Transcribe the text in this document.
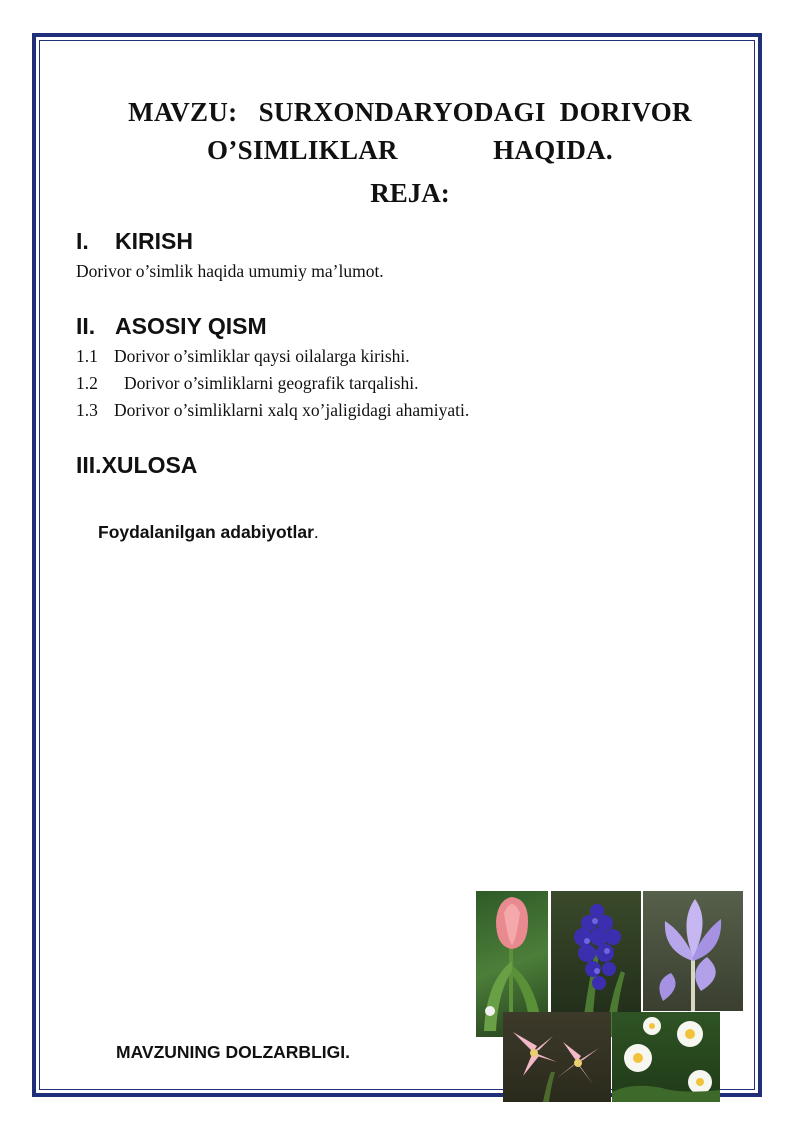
MAVZU:   SURXONDARYODAGI  DORIVOR
O’SIMLIKLAR     HAQIDA.
REJA:
I. KIRISH
Dorivor o’simlik haqida umumiy ma’lumot.
II. ASOSIY QISM
1.1 Dorivor o’simliklar qaysi oilalarga kirishi.
1.2 Dorivor o’simliklarni geografik tarqalishi.
1.3 Dorivor o’simliklarni xalq xo’jaligidagi ahamiyati.
III.XULOSA
Foydalanilgan adabiyotlar.
MAVZUNING DOLZARBLIGI.
